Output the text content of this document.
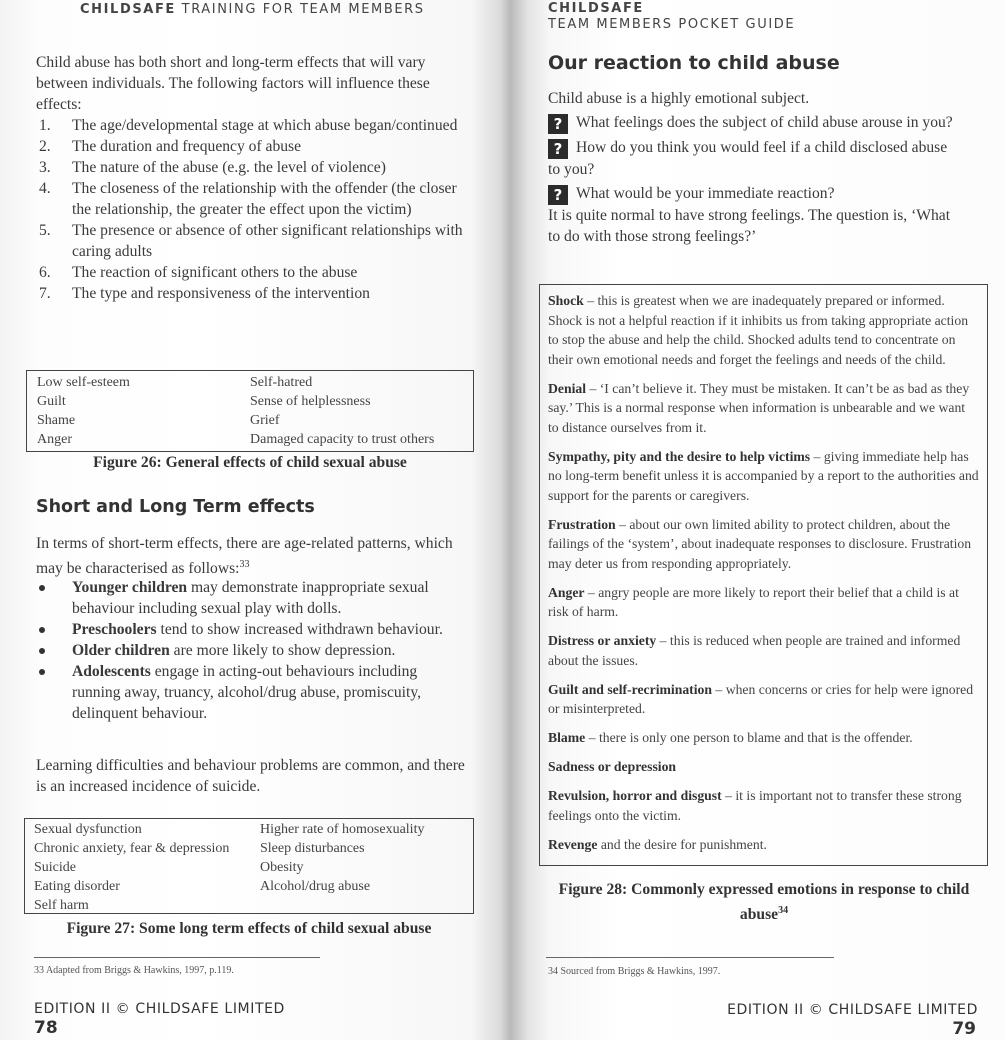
CHILDSAFE TRAINING FOR TEAM MEMBERS

Child abuse has both short and long-term effects that will vary between individuals. The following factors will influence these effects:

1. The age/developmental stage at which abuse began/continued
2. The duration and frequency of abuse
3. The nature of the abuse (e.g. the level of violence)
4. The closeness of the relationship with the offender (the closer the relationship, the greater the effect upon the victim)
5. The presence or absence of other significant relationships with caring adults
6. The reaction of significant others to the abuse
7. The type and responsiveness of the intervention
Low self-esteem
Guilt
Shame
Anger
Self-hatred
Sense of helplessness
Grief
Damaged capacity to trust others
Figure 26: General effects of child sexual abuse
Short and Long Term effects

In terms of short-term effects, there are age-related patterns, which may be characterised as follows:$^{33}$

Younger children may demonstrate inappropriate sexual behaviour including sexual play with dolls.
Preschoolers tend to show increased withdrawn behaviour.
Older children are more likely to show depression.
Adolescents engage in acting-out behaviours including running away, truancy, alcohol/drug abuse, promiscuity, delinquent behaviour.

Learning difficulties and behaviour problems are common, and there is an increased incidence of suicide.

Sexual dysfunction
Chronic anxiety, fear & depression
Suicide
Eating disorder
Self harm
Higher rate of homosexuality
Sleep disturbances
Obesity
Alcohol/drug abuse
Figure 27: Some long term effects of child sexual abuse
33 Adapted from Briggs & Hawkins, 1997, p.119.
EDITION II © CHILDSAFE LIMITED
78
CHILDSAFE
TEAM MEMBERS POCKET GUIDE
Our reaction to child abuse
Child abuse is a highly emotional subject.
? What feelings does the subject of child abuse arouse in you?
? How do you think you would feel if a child disclosed abuse to you?
? What would be your immediate reaction?
It is quite normal to have strong feelings. The question is, ‘What to do with those strong feelings?’

Shock – this is greatest when we are inadequately prepared or informed. Shock is not a helpful reaction if it inhibits us from taking appropriate action to stop the abuse and help the child. Shocked adults tend to concentrate on their own emotional needs and forget the feelings and needs of the child.

Denial – ‘I can’t believe it. They must be mistaken. It can’t be as bad as they say.’ This is a normal response when information is unbearable and we want to distance ourselves from it.

Sympathy, pity and the desire to help victims – giving immediate help has no long-term benefit unless it is accompanied by a report to the authorities and support for the parents or caregivers.

Frustration – about our own limited ability to protect children, about the failings of the ‘system’, about inadequate responses to disclosure. Frustration may deter us from responding appropriately.

Anger – angry people are more likely to report their belief that a child is at risk of harm.

Distress or anxiety – this is reduced when people are trained and informed about the issues.

Guilt and self-recrimination – when concerns or cries for help were ignored or misinterpreted.

Blame – there is only one person to blame and that is the offender.

Sadness or depression

Revulsion, horror and disgust – it is important not to transfer these strong feelings onto the victim.

Revenge and the desire for punishment.

Figure 28: Commonly expressed emotions in response to child abuse$^{34}$
34 Sourced from Briggs & Hawkins, 1997.
EDITION II © CHILDSAFE LIMITED
79
